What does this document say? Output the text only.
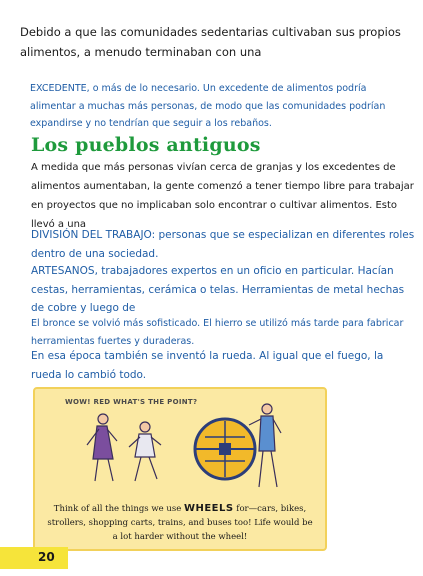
Debido a que las comunidades sedentarias cultivaban sus propios alimentos, a menudo terminaban con una
EXCEDENTE, o más de lo necesario. Un excedente de alimentos podría alimentar a muchas más personas, de modo que las comunidades podrían expandirse y no tendrían que seguir a los rebaños.
Los pueblos antiguos
A medida que más personas vivían cerca de granjas y los excedentes de alimentos aumentaban, la gente comenzó a tener tiempo libre para trabajar en proyectos que no implicaban solo encontrar o cultivar alimentos. Esto llevó a una
DIVISIÓN DEL TRABAJO: personas que se especializan en diferentes roles dentro de una sociedad.
ARTESANOS, trabajadores expertos en un oficio en particular. Hacían cestas, herramientas, cerámica o telas. Herramientas de metal hechas de cobre y luego de
El bronce se volvió más sofisticado. El hierro se utilizó más tarde para fabricar herramientas fuertes y duraderas.
En esa época también se inventó la rueda. Al igual que el fuego, la rueda lo cambió todo.
WOW! RED WHAT'S THE POINT?
Think of all the things we use WHEELS for—cars, bikes, strollers, shopping carts, trains, and buses too! Life would be a lot harder without the wheel!
20
